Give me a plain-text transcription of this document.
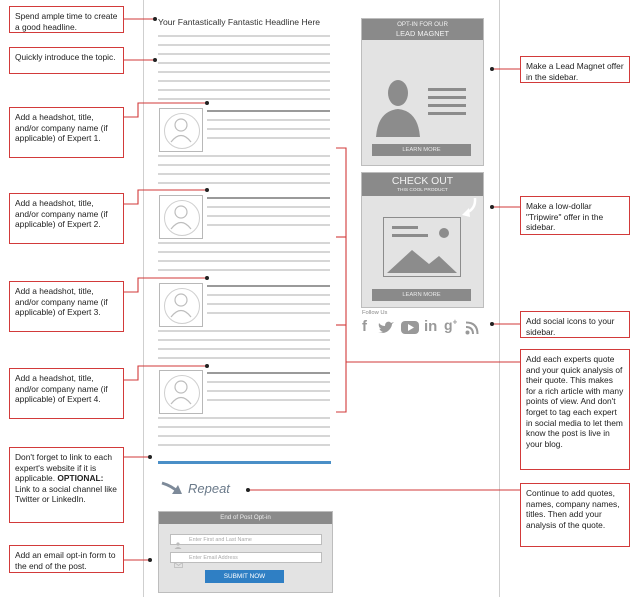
Your Fantastically Fantastic Headline Here
Repeat
End of Post Opt-in
Enter First and Last Name
Enter Email Address
SUBMIT NOW
OPT-IN FOR OUR
LEAD MAGNET
LEARN MORE
CHECK OUT
THIS COOL PRODUCT
LEARN MORE
Follow Us
f	in g+
Spend ample time to create a good headline.
Quickly introduce the topic.
Add a headshot, title, and/or company name (if applicable) of Expert 1.
Add a headshot, title, and/or company name (if applicable) of Expert 2.
Add a headshot, title, and/or company name (if applicable) of Expert 3.
Add a headshot, title, and/or company name (if applicable) of Expert 4.
Don't forget to link to each expert's website if it is applicable. OPTIONAL: Link to a social channel like Twitter or LinkedIn.
Add an email opt-in form to the end of the post.
Make a Lead Magnet offer in the sidebar.
Make a low-dollar "Tripwire" offer in the sidebar.
Add social icons to your sidebar.
Add each experts quote and your quick analysis of their quote. This makes for a rich article with many points of view. And don't forget to tag each expert in social media to let them know the post is live in your blog.
Continue to add quotes, names, company names, titles. Then add your analysis of the quote.
